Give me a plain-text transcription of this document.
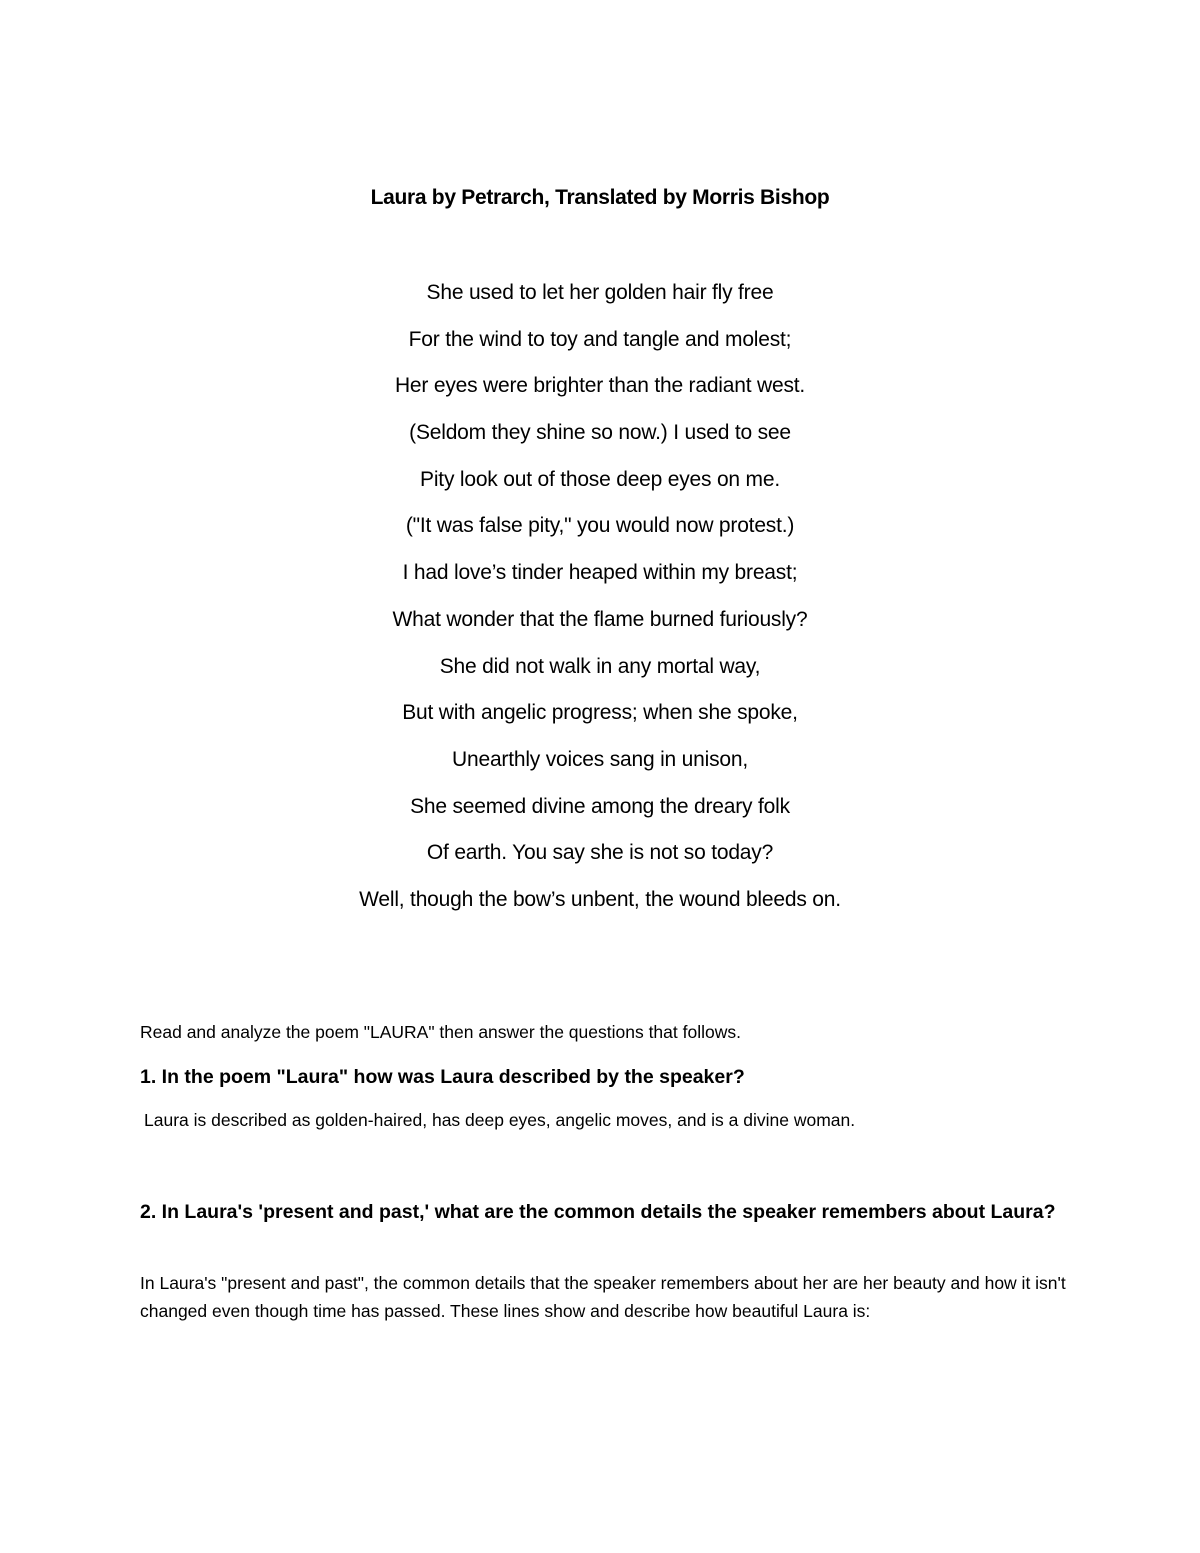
Laura by Petrarch, Translated by Morris Bishop
She used to let her golden hair fly free
For the wind to toy and tangle and molest;
Her eyes were brighter than the radiant west.
(Seldom they shine so now.) I used to see
Pity look out of those deep eyes on me.
("It was false pity," you would now protest.)
I had love’s tinder heaped within my breast;
What wonder that the flame burned furiously?
She did not walk in any mortal way,
But with angelic progress; when she spoke,
Unearthly voices sang in unison,
She seemed divine among the dreary folk
Of earth. You say she is not so today?
Well, though the bow’s unbent, the wound bleeds on.

Read and analyze the poem "LAURA" then answer the questions that follows.

1. In the poem "Laura" how was Laura described by the speaker?

Laura is described as golden-haired, has deep eyes, angelic moves, and is a divine woman.

2. In Laura's 'present and past,' what are the common details the speaker remembers about Laura?

In Laura's "present and past", the common details that the speaker remembers about her are her beauty and how it isn't changed even though time has passed. These lines show and describe how beautiful Laura is:
